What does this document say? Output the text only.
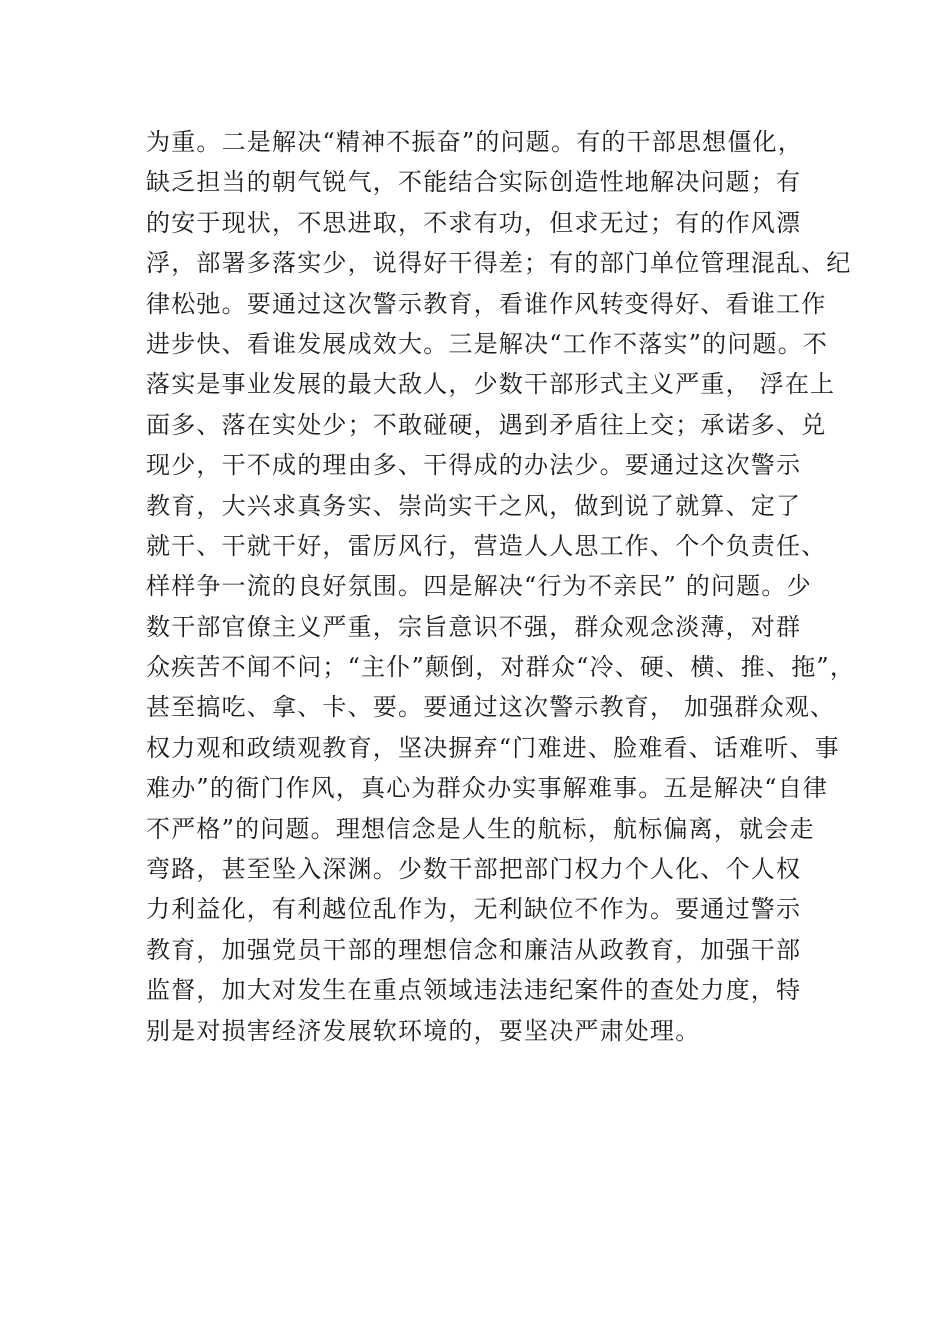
为重。二是解决“精神不振奋”的问题。有的干部思想僵化，
缺乏担当的朝气锐气，不能结合实际创造性地解决问题；有
的安于现状，不思进取，不求有功，但求无过；有的作风漂
浮，部署多落实少，说得好干得差；有的部门单位管理混乱、纪
律松弛。要通过这次警示教育，看谁作风转变得好、看谁工作
进步快、看谁发展成效大。三是解决“工作不落实”的问题。不
落实是事业发展的最大敌人，少数干部形式主义严重， 浮在上
面多、落在实处少；不敢碰硬，遇到矛盾往上交；承诺多、兑
现少，干不成的理由多、干得成的办法少。要通过这次警示
教育，大兴求真务实、崇尚实干之风，做到说了就算、定了
就干、干就干好，雷厉风行，营造人人思工作、个个负责任、
样样争一流的良好氛围。四是解决“行为不亲民” 的问题。少
数干部官僚主义严重，宗旨意识不强，群众观念淡薄，对群
众疾苦不闻不问；“主仆”颠倒，对群众“冷、硬、横、推、拖”，
甚至搞吃、拿、卡、要。要通过这次警示教育， 加强群众观、
权力观和政绩观教育，坚决摒弃“门难进、脸难看、话难听、事
难办”的衙门作风，真心为群众办实事解难事。五是解决“自律
不严格”的问题。理想信念是人生的航标，航标偏离，就会走
弯路，甚至坠入深渊。少数干部把部门权力个人化、个人权
力利益化，有利越位乱作为，无利缺位不作为。要通过警示
教育，加强党员干部的理想信念和廉洁从政教育，加强干部
监督，加大对发生在重点领域违法违纪案件的查处力度，特
别是对损害经济发展软环境的，要坚决严肃处理。
